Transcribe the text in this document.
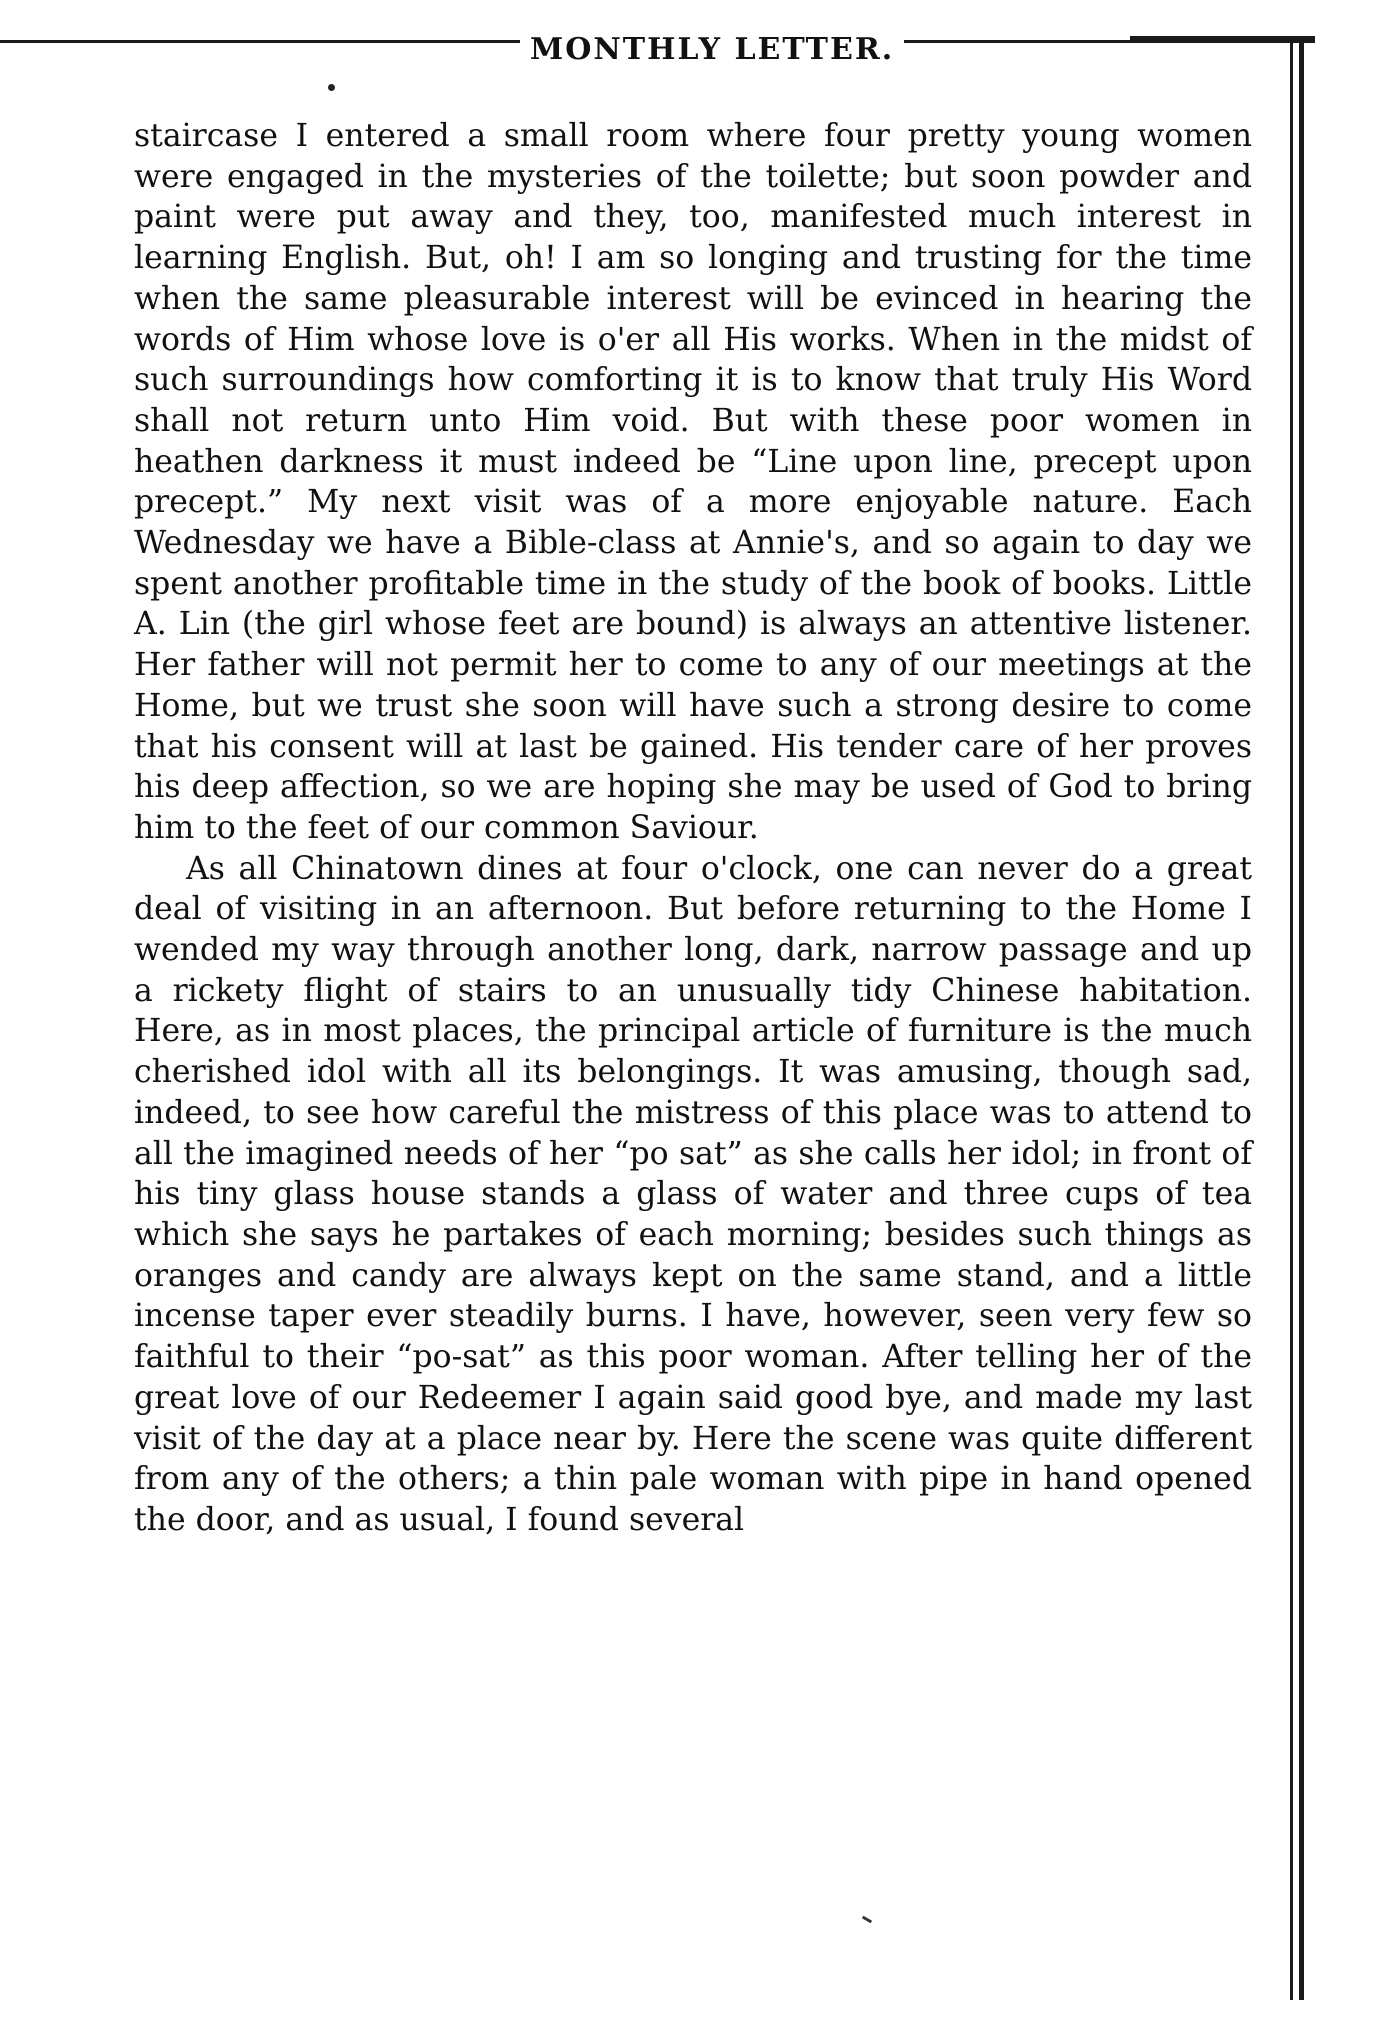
MONTHLY LETTER.

staircase I entered a small room where four pretty young women were engaged in the mysteries of the toilette; but soon powder and paint were put away and they, too, manifested much interest in learning English. But, oh! I am so longing and trusting for the time when the same pleasurable interest will be evinced in hearing the words of Him whose love is o'er all His works. When in the midst of such surroundings how comforting it is to know that truly His Word shall not return unto Him void. But with these poor women in heathen darkness it must indeed be “Line upon line, precept upon precept.” My next visit was of a more enjoyable nature. Each Wednesday we have a Bible-class at Annie's, and so again to day we spent another profitable time in the study of the book of books. Little A. Lin (the girl whose feet are bound) is always an attentive listener. Her father will not permit her to come to any of our meetings at the Home, but we trust she soon will have such a strong desire to come that his consent will at last be gained. His tender care of her proves his deep affection, so we are hoping she may be used of God to bring him to the feet of our common Saviour.

As all Chinatown dines at four o'clock, one can never do a great deal of visiting in an afternoon. But before returning to the Home I wended my way through another long, dark, narrow passage and up a rickety flight of stairs to an unusually tidy Chinese habitation. Here, as in most places, the principal article of furniture is the much cherished idol with all its belongings. It was amusing, though sad, indeed, to see how careful the mistress of this place was to attend to all the imagined needs of her “po sat” as she calls her idol; in front of his tiny glass house stands a glass of water and three cups of tea which she says he partakes of each morning; besides such things as oranges and candy are always kept on the same stand, and a little incense taper ever steadily burns. I have, however, seen very few so faithful to their “po-sat” as this poor woman. After telling her of the great love of our Redeemer I again said good bye, and made my last visit of the day at a place near by. Here the scene was quite different from any of the others; a thin pale woman with pipe in hand opened the door, and as usual, I found several
